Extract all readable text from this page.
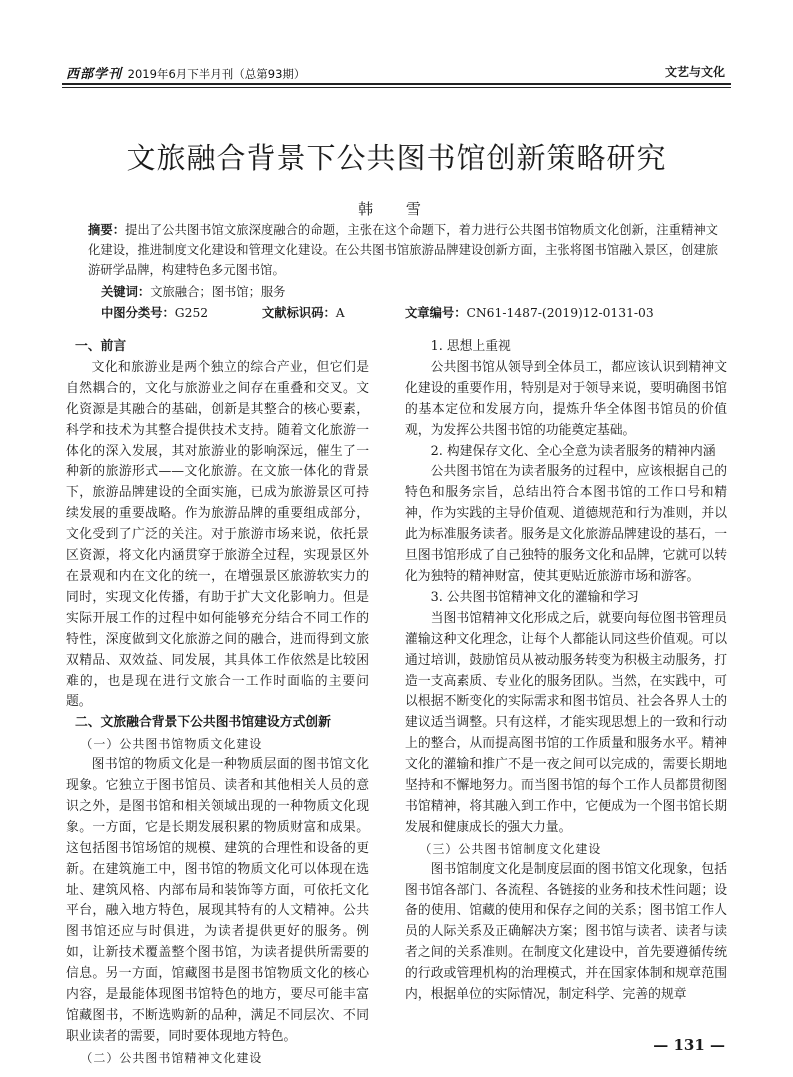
西部学刊 2019年6月下半月刊（总第93期）	文艺与文化
文旅融合背景下公共图书馆创新策略研究
韩 雪
摘要：提出了公共图书馆文旅深度融合的命题，主张在这个命题下，着力进行公共图书馆物质文化创新，注重精神文化建设，推进制度文化建设和管理文化建设。在公共图书馆旅游品牌建设创新方面，主张将图书馆融入景区，创建旅游研学品牌，构建特色多元图书馆。
关键词：文旅融合；图书馆；服务
中图分类号：G252	文献标识码：A	文章编号：CN61-1487-(2019)12-0131-03
一、前言

文化和旅游业是两个独立的综合产业，但它们是自然耦合的，文化与旅游业之间存在重叠和交叉。文化资源是其融合的基础，创新是其整合的核心要素，科学和技术为其整合提供技术支持。随着文化旅游一体化的深入发展，其对旅游业的影响深远，催生了一种新的旅游形式——文化旅游。在文旅一体化的背景下，旅游品牌建设的全面实施，已成为旅游景区可持续发展的重要战略。作为旅游品牌的重要组成部分，文化受到了广泛的关注。对于旅游市场来说，依托景区资源，将文化内涵贯穿于旅游全过程，实现景区外在景观和内在文化的统一，在增强景区旅游软实力的同时，实现文化传播，有助于扩大文化影响力。但是实际开展工作的过程中如何能够充分结合不同工作的特性，深度做到文化旅游之间的融合，进而得到文旅双精品、双效益、同发展，其具体工作依然是比较困难的，也是现在进行文旅合一工作时面临的主要问题。

二、文旅融合背景下公共图书馆建设方式创新
（一）公共图书馆物质文化建设

图书馆的物质文化是一种物质层面的图书馆文化现象。它独立于图书馆员、读者和其他相关人员的意识之外，是图书馆和相关领域出现的一种物质文化现象。一方面，它是长期发展积累的物质财富和成果。这包括图书馆场馆的规模、建筑的合理性和设备的更新。在建筑施工中，图书馆的物质文化可以体现在选址、建筑风格、内部布局和装饰等方面，可依托文化平台，融入地方特色，展现其特有的人文精神。公共图书馆还应与时俱进，为读者提供更好的服务。例如，让新技术覆盖整个图书馆，为读者提供所需要的信息。另一方面，馆藏图书是图书馆物质文化的核心内容，是最能体现图书馆特色的地方，要尽可能丰富馆藏图书，不断选购新的品种，满足不同层次、不同职业读者的需要，同时要体现地方特色。

（二）公共图书馆精神文化建设
1. 思想上重视

公共图书馆从领导到全体员工，都应该认识到精神文化建设的重要作用，特别是对于领导来说，要明确图书馆的基本定位和发展方向，提炼升华全体图书馆员的价值观，为发挥公共图书馆的功能奠定基础。

2. 构建保存文化、全心全意为读者服务的精神内涵

公共图书馆在为读者服务的过程中，应该根据自己的特色和服务宗旨，总结出符合本图书馆的工作口号和精神，作为实践的主导价值观、道德规范和行为准则，并以此为标准服务读者。服务是文化旅游品牌建设的基石，一旦图书馆形成了自己独特的服务文化和品牌，它就可以转化为独特的精神财富，使其更贴近旅游市场和游客。

3. 公共图书馆精神文化的灌输和学习

当图书馆精神文化形成之后，就要向每位图书管理员灌输这种文化理念，让每个人都能认同这些价值观。可以通过培训，鼓励馆员从被动服务转变为积极主动服务，打造一支高素质、专业化的服务团队。当然，在实践中，可以根据不断变化的实际需求和图书馆员、社会各界人士的建议适当调整。只有这样，才能实现思想上的一致和行动上的整合，从而提高图书馆的工作质量和服务水平。精神文化的灌输和推广不是一夜之间可以完成的，需要长期地坚持和不懈地努力。而当图书馆的每个工作人员都贯彻图书馆精神，将其融入到工作中，它便成为一个图书馆长期发展和健康成长的强大力量。

（三）公共图书馆制度文化建设

图书馆制度文化是制度层面的图书馆文化现象，包括图书馆各部门、各流程、各链接的业务和技术性问题；设备的使用、馆藏的使用和保存之间的关系；图书馆工作人员的人际关系及正确解决方案；图书馆与读者、读者与读者之间的关系准则。在制度文化建设中，首先要遵循传统的行政或管理机构的治理模式，并在国家体制和规章范围内，根据单位的实际情况，制定科学、完善的规章

— 131 —
